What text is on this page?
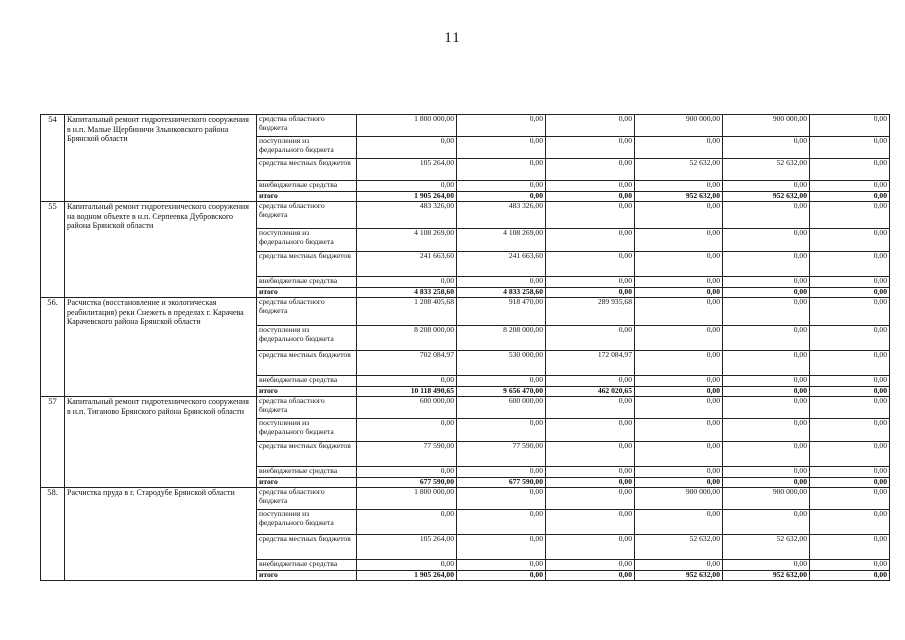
11
54	Капитальный ремонт гидротехнического сооружения в н.п. Малые Щербиничи Злынковского района Брянской области	средства областного бюджета	1 800 000,00	0,00	0,00	900 000,00	900 000,00	0,00
		поступления из федерального бюджета	0,00	0,00	0,00	0,00	0,00	0,00
		средства местных бюджетов	105 264,00	0,00	0,00	52 632,00	52 632,00	0,00
		внебюджетные средства	0,00	0,00	0,00	0,00	0,00	0,00
		итого	1 905 264,00	0,00	0,00	952 632,00	952 632,00	0,00
55	Капитальный ремонт гидротехнического сооружения на водном объекте в н.п. Серпеевка Дубровского района Брянской области	средства областного бюджета	483 326,00	483 326,00	0,00	0,00	0,00	0,00
		поступления из федерального бюджета	4 108 269,00	4 108 269,00	0,00	0,00	0,00	0,00
		средства местных бюджетов	241 663,60	241 663,60	0,00	0,00	0,00	0,00
		внебюджетные средства	0,00	0,00	0,00	0,00	0,00	0,00
		итого	4 833 258,60	4 833 258,60	0,00	0,00	0,00	0,00
56.	Расчистка (восстановление и экологическая реабилитация) реки Снежеть в пределах г. Карачева Карачевского района Брянской области	средства областного бюджета	1 208 405,68	918 470,00	289 935,68	0,00	0,00	0,00
		поступления из федерального бюджета	8 208 000,00	8 208 000,00	0,00	0,00	0,00	0,00
		средства местных бюджетов	702 084,97	530 000,00	172 084,97	0,00	0,00	0,00
		внебюджетные средства	0,00	0,00	0,00	0,00	0,00	0,00
		итого	10 118 490,65	9 656 470,00	462 020,65	0,00	0,00	0,00
57	Капитальный ремонт гидротехнического сооружения в н.п. Тиганово Брянского района Брянской области	средства областного бюджета	600 000,00	600 000,00	0,00	0,00	0,00	0,00
		поступления из федерального бюджета	0,00	0,00	0,00	0,00	0,00	0,00
		средства местных бюджетов	77 590,00	77 590,00	0,00	0,00	0,00	0,00
		внебюджетные средства	0,00	0,00	0,00	0,00	0,00	0,00
		итого	677 590,00	677 590,00	0,00	0,00	0,00	0,00
58.	Расчистка пруда в г. Стародубе Брянской области	средства областного бюджета	1 800 000,00	0,00	0,00	900 000,00	900 000,00	0,00
		поступления из федерального бюджета	0,00	0,00	0,00	0,00	0,00	0,00
		средства местных бюджетов	105 264,00	0,00	0,00	52 632,00	52 632,00	0,00
		внебюджетные средства	0,00	0,00	0,00	0,00	0,00	0,00
		итого	1 905 264,00	0,00	0,00	952 632,00	952 632,00	0,00
